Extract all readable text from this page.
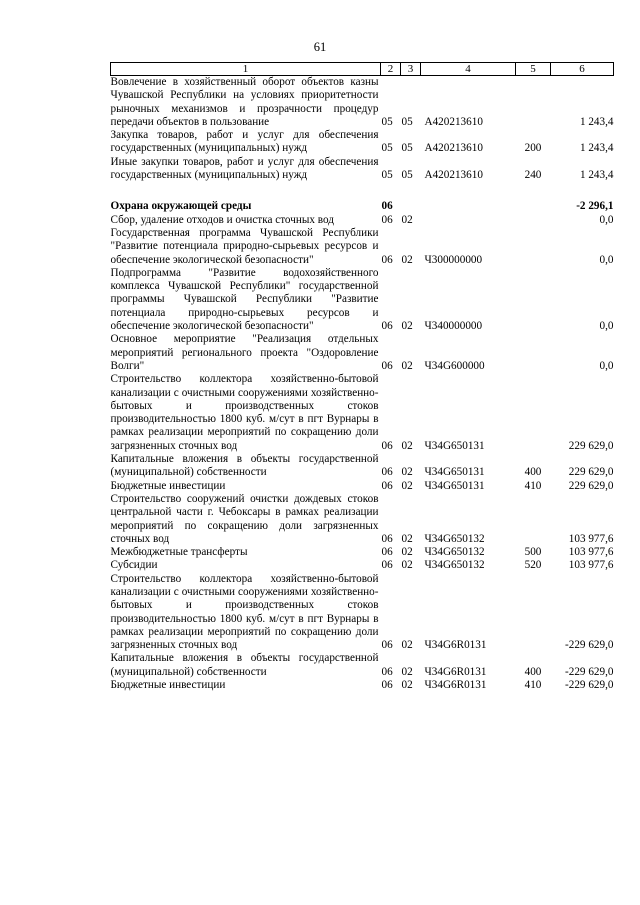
61
1	2	3	4	5	6
Вовлечение в хозяйственный оборот объектов казны Чувашской Республики на условиях приоритетности рыночных механизмов и прозрачности процедур передачи объектов в пользование	05	05	А420213610		1 243,4
Закупка товаров, работ и услуг для обеспечения государственных (муниципальных) нужд	05	05	А420213610	200	1 243,4
Иные закупки товаров, работ и услуг для обеспечения государственных (муниципальных) нужд	05	05	А420213610	240	1 243,4

Охрана окружающей среды	06				-2 296,1
Сбор, удаление отходов и очистка сточных вод	06	02			0,0
Государственная программа Чувашской Республики "Развитие потенциала природно-сырьевых ресурсов и обеспечение экологической безопасности"	06	02	Ч300000000		0,0
Подпрограмма "Развитие водохозяйственного комплекса Чувашской Республики" государственной программы Чувашской Республики "Развитие потенциала природно-сырьевых ресурсов и обеспечение экологической безопасности"	06	02	Ч340000000		0,0
Основное мероприятие "Реализация отдельных мероприятий регионального проекта "Оздоровление Волги"	06	02	Ч34G600000		0,0
Строительство коллектора хозяйственно-бытовой канализации с очистными сооружениями хозяйственно-бытовых и производственных стоков производительностью 1800 куб. м/сут в пгт Вурнары в рамках реализации мероприятий по сокращению доли загрязненных сточных вод	06	02	Ч34G650131		229 629,0
Капитальные вложения в объекты государственной (муниципальной) собственности	06	02	Ч34G650131	400	229 629,0
Бюджетные инвестиции	06	02	Ч34G650131	410	229 629,0
Строительство сооружений очистки дождевых стоков центральной части г. Чебоксары в рамках реализации мероприятий по сокращению доли загрязненных сточных вод	06	02	Ч34G650132		103 977,6
Межбюджетные трансферты	06	02	Ч34G650132	500	103 977,6
Субсидии	06	02	Ч34G650132	520	103 977,6
Строительство коллектора хозяйственно-бытовой канализации с очистными сооружениями хозяйственно-бытовых и производственных стоков производительностью 1800 куб. м/сут в пгт Вурнары в рамках реализации мероприятий по сокращению доли загрязненных сточных вод	06	02	Ч34G6R0131		-229 629,0
Капитальные вложения в объекты государственной (муниципальной) собственности	06	02	Ч34G6R0131	400	-229 629,0
Бюджетные инвестиции	06	02	Ч34G6R0131	410	-229 629,0
